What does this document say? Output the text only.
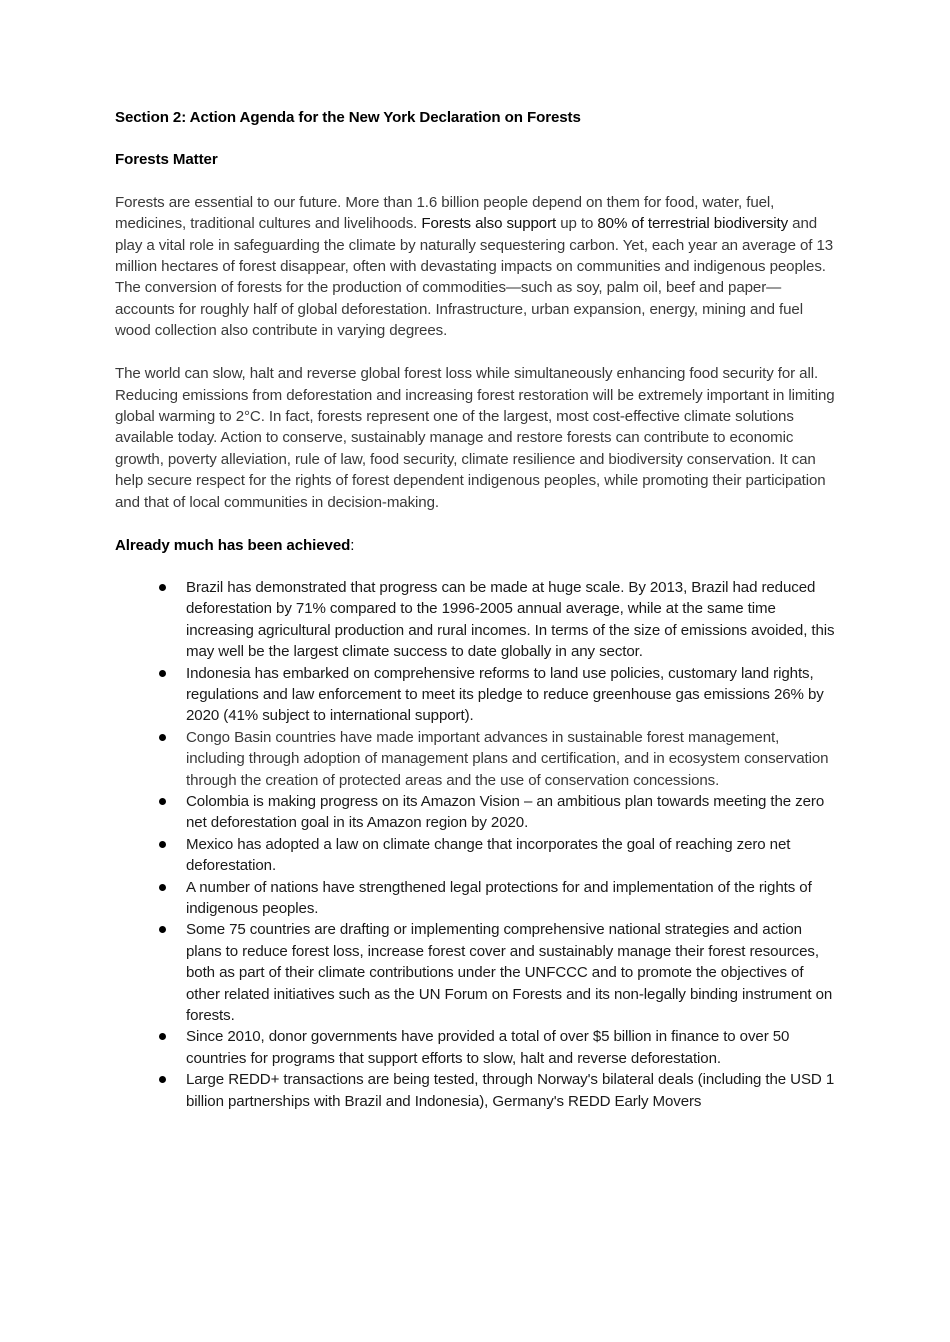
Section 2: Action Agenda for the New York Declaration on Forests

Forests Matter

Forests are essential to our future. More than 1.6 billion people depend on them for food, water, fuel, medicines, traditional cultures and livelihoods. Forests also support up to 80% of terrestrial biodiversity and play a vital role in safeguarding the climate by naturally sequestering carbon. Yet, each year an average of 13 million hectares of forest disappear, often with devastating impacts on communities and indigenous peoples. The conversion of forests for the production of commodities—such as soy, palm oil, beef and paper—accounts for roughly half of global deforestation. Infrastructure, urban expansion, energy, mining and fuel wood collection also contribute in varying degrees.

The world can slow, halt and reverse global forest loss while simultaneously enhancing food security for all. Reducing emissions from deforestation and increasing forest restoration will be extremely important in limiting global warming to 2°C. In fact, forests represent one of the largest, most cost-effective climate solutions available today. Action to conserve, sustainably manage and restore forests can contribute to economic growth, poverty alleviation, rule of law, food security, climate resilience and biodiversity conservation. It can help secure respect for the rights of forest dependent indigenous peoples, while promoting their participation and that of local communities in decision-making.

Already much has been achieved:

Brazil has demonstrated that progress can be made at huge scale. By 2013, Brazil had reduced deforestation by 71% compared to the 1996-2005 annual average, while at the same time increasing agricultural production and rural incomes. In terms of the size of emissions avoided, this may well be the largest climate success to date globally in any sector.
Indonesia has embarked on comprehensive reforms to land use policies, customary land rights, regulations and law enforcement to meet its pledge to reduce greenhouse gas emissions 26% by 2020 (41% subject to international support).
Congo Basin countries have made important advances in sustainable forest management, including through adoption of management plans and certification, and in ecosystem conservation through the creation of protected areas and the use of conservation concessions.
Colombia is making progress on its Amazon Vision – an ambitious plan towards meeting the zero net deforestation goal in its Amazon region by 2020.
Mexico has adopted a law on climate change that incorporates the goal of reaching zero net deforestation.
A number of nations have strengthened legal protections for and implementation of the rights of indigenous peoples.
Some 75 countries are drafting or implementing comprehensive national strategies and action plans to reduce forest loss, increase forest cover and sustainably manage their forest resources, both as part of their climate contributions under the UNFCCC and to promote the objectives of other related initiatives such as the UN Forum on Forests and its non-legally binding instrument on forests.
Since 2010, donor governments have provided a total of over $5 billion in finance to over 50 countries for programs that support efforts to slow, halt and reverse deforestation.
Large REDD+ transactions are being tested, through Norway's bilateral deals (including the USD 1 billion partnerships with Brazil and Indonesia), Germany's REDD Early Movers
